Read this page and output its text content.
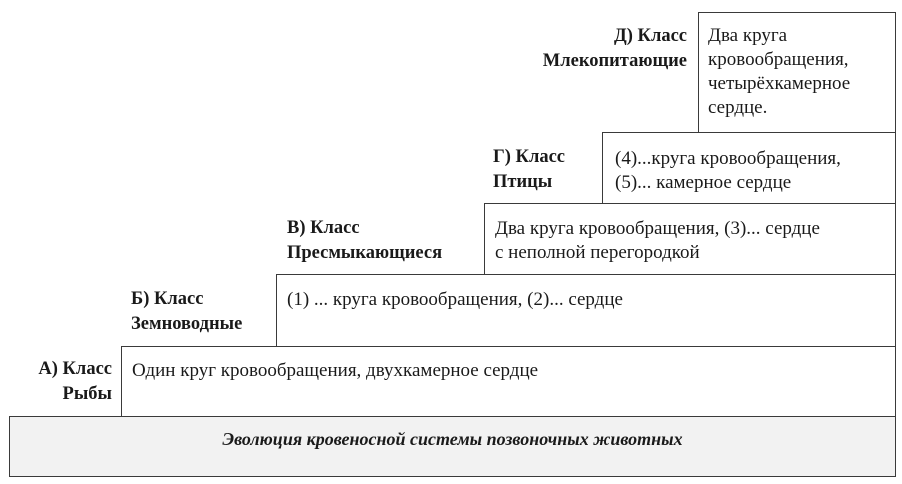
Эволюция кровеносной системы позвоночных животных
Один круг кровообращения, двухкамерное сердце
А) Класс
Рыбы
(1) ... круга кровообращения, (2)... сердце
Б) Класс
Земноводные
Два круга кровообращения, (3)... сердце
с неполной перегородкой
В) Класс
Пресмыкающиеся
(4)...круга кровообращения,
(5)... камерное сердце
Г) Класс
Птицы
Два круга
кровообращения,
четырёхкамерное
сердце.
Д) Класс
Млекопитающие
